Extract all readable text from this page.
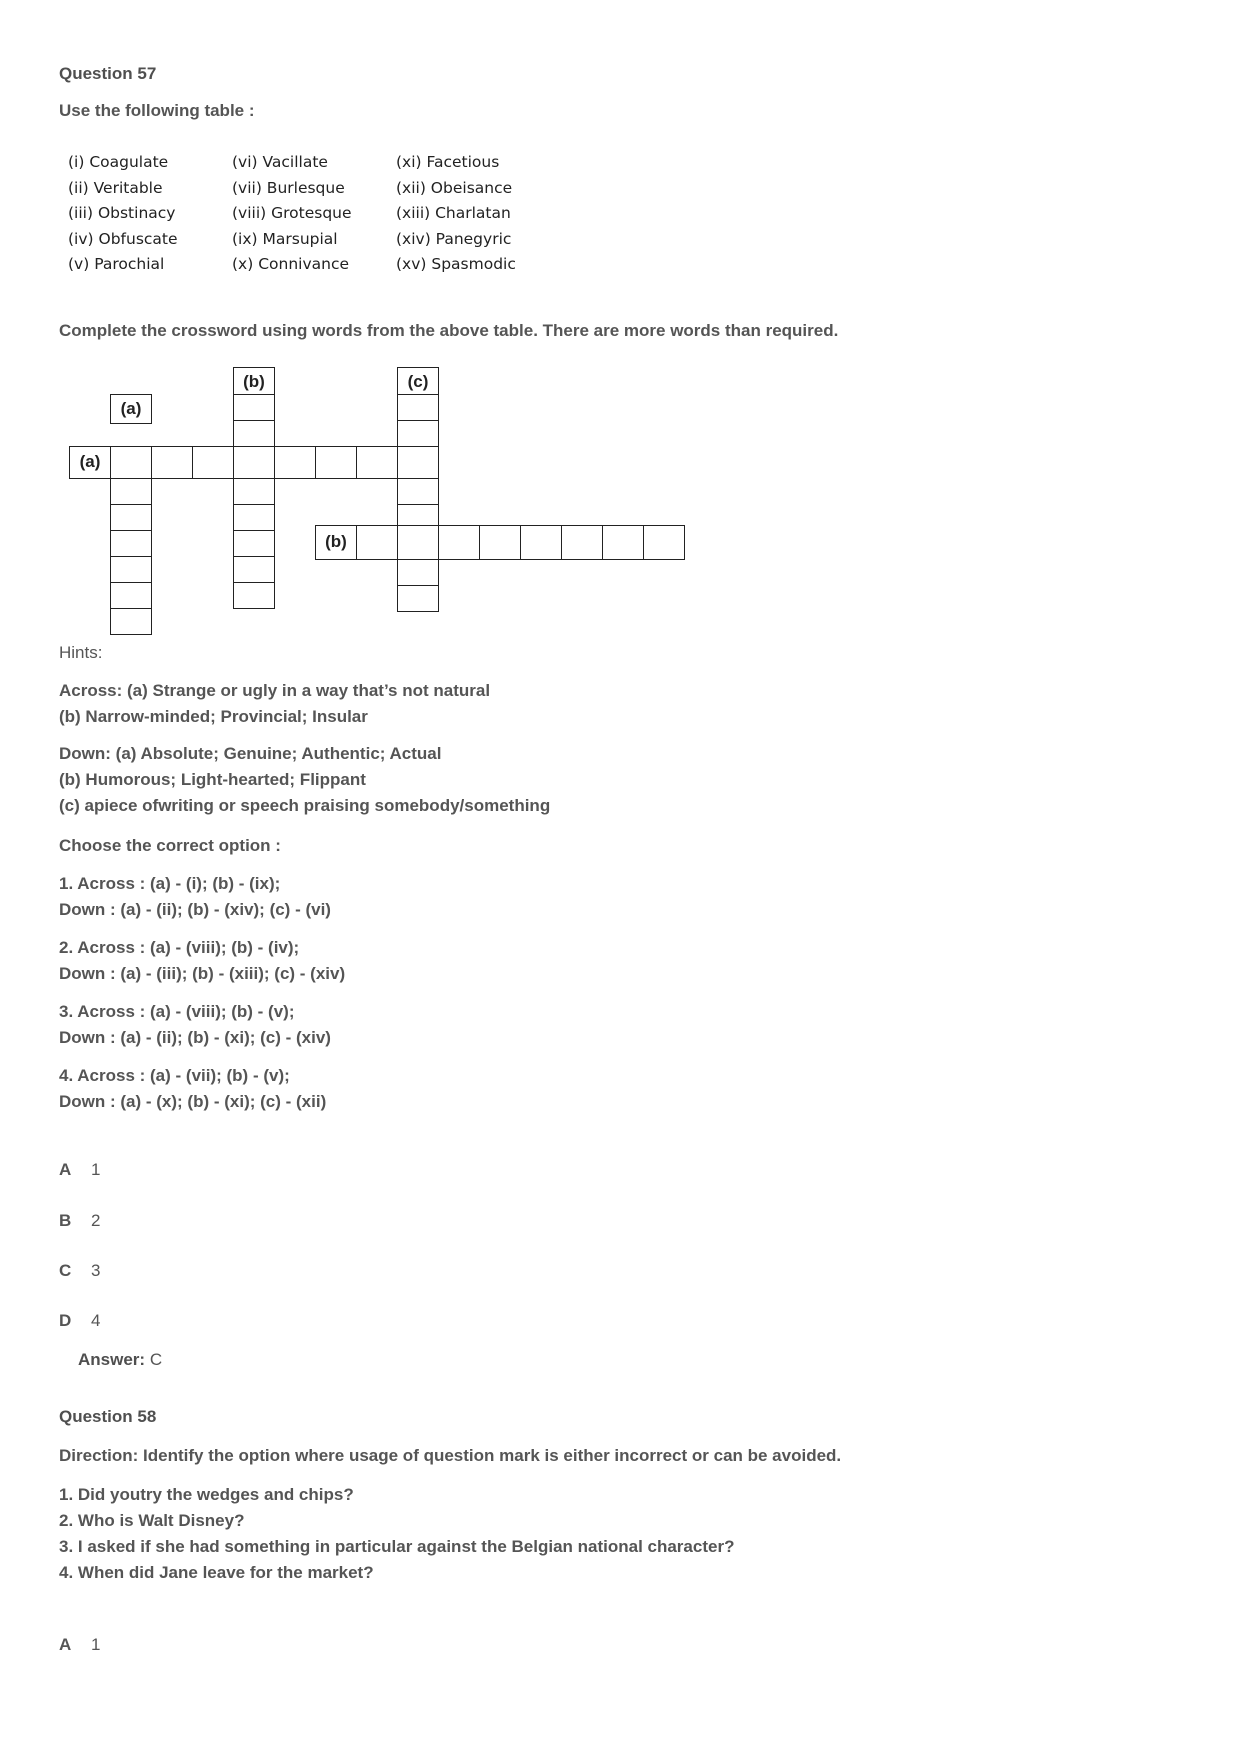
Question 57
Use the following table :
(i) Coagulate
(ii) Veritable
(iii) Obstinacy
(iv) Obfuscate
(v) Parochial
(vi) Vacillate
(vii) Burlesque
(viii) Grotesque
(ix) Marsupial
(x) Connivance
(xi) Facetious
(xii) Obeisance
(xiii) Charlatan
(xiv) Panegyric
(xv) Spasmodic
Complete the crossword using words from the above table. There are more words than required.
(b)	(c)
(a)
(a)
(b)
Hints:
Across: (a) Strange or ugly in a way that’s not natural
(b) Narrow-minded; Provincial; Insular
Down: (a) Absolute; Genuine; Authentic; Actual
(b) Humorous; Light-hearted; Flippant
(c) apiece ofwriting or speech praising somebody/something
Choose the correct option :
1. Across : (a) - (i); (b) - (ix);
Down : (a) - (ii); (b) - (xiv); (c) - (vi)
2. Across : (a) - (viii); (b) - (iv);
Down : (a) - (iii); (b) - (xiii); (c) - (xiv)
3. Across : (a) - (viii); (b) - (v);
Down : (a) - (ii); (b) - (xi); (c) - (xiv)
4. Across : (a) - (vii); (b) - (v);
Down : (a) - (x); (b) - (xi); (c) - (xii)
A 1
B 2
C 3
D 4
Answer: C
Question 58
Direction: Identify the option where usage of question mark is either incorrect or can be avoided.
1. Did youtry the wedges and chips?
2. Who is Walt Disney?
3. I asked if she had something in particular against the Belgian national character?
4. When did Jane leave for the market?
A 1
